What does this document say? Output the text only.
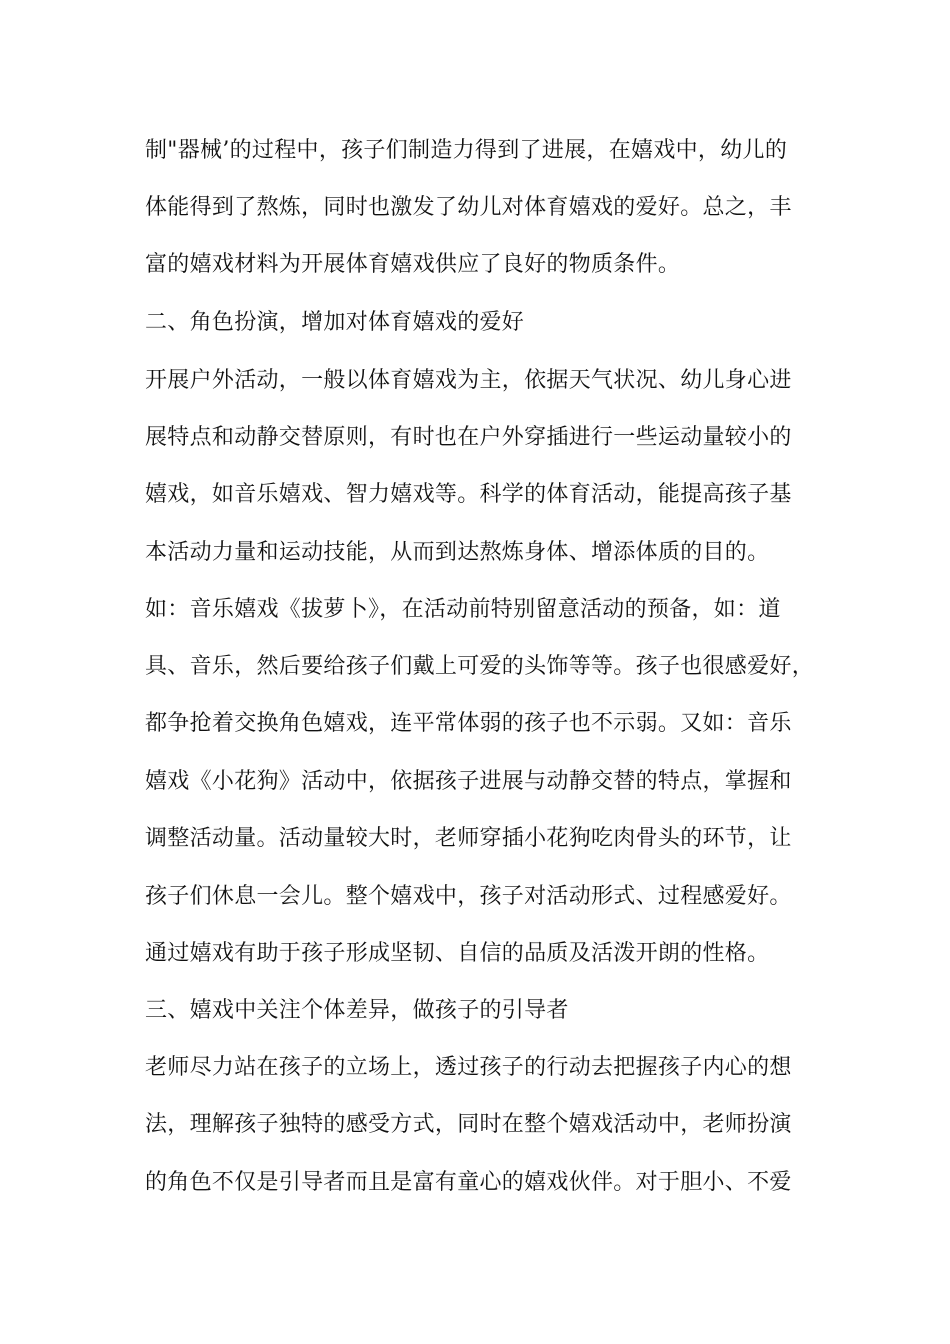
制"器械’的过程中，孩子们制造力得到了进展，在嬉戏中，幼儿的
体能得到了熬炼，同时也激发了幼儿对体育嬉戏的爱好。总之，丰
富的嬉戏材料为开展体育嬉戏供应了良好的物质条件。
二、角色扮演，增加对体育嬉戏的爱好
开展户外活动，一般以体育嬉戏为主，依据天气状况、幼儿身心进
展特点和动静交替原则，有时也在户外穿插进行一些运动量较小的
嬉戏，如音乐嬉戏、智力嬉戏等。科学的体育活动，能提高孩子基
本活动力量和运动技能，从而到达熬炼身体、增添体质的目的。
如：音乐嬉戏《拔萝卜》，在活动前特别留意活动的预备，如：道
具、音乐，然后要给孩子们戴上可爱的头饰等等。孩子也很感爱好，
都争抢着交换角色嬉戏，连平常体弱的孩子也不示弱。又如：音乐
嬉戏《小花狗》活动中，依据孩子进展与动静交替的特点，掌握和
调整活动量。活动量较大时，老师穿插小花狗吃肉骨头的环节，让
孩子们休息一会儿。整个嬉戏中，孩子对活动形式、过程感爱好。
通过嬉戏有助于孩子形成坚韧、自信的品质及活泼开朗的性格。
三、嬉戏中关注个体差异，做孩子的引导者
老师尽力站在孩子的立场上，透过孩子的行动去把握孩子内心的想
法，理解孩子独特的感受方式，同时在整个嬉戏活动中，老师扮演
的角色不仅是引导者而且是富有童心的嬉戏伙伴。对于胆小、不爱
